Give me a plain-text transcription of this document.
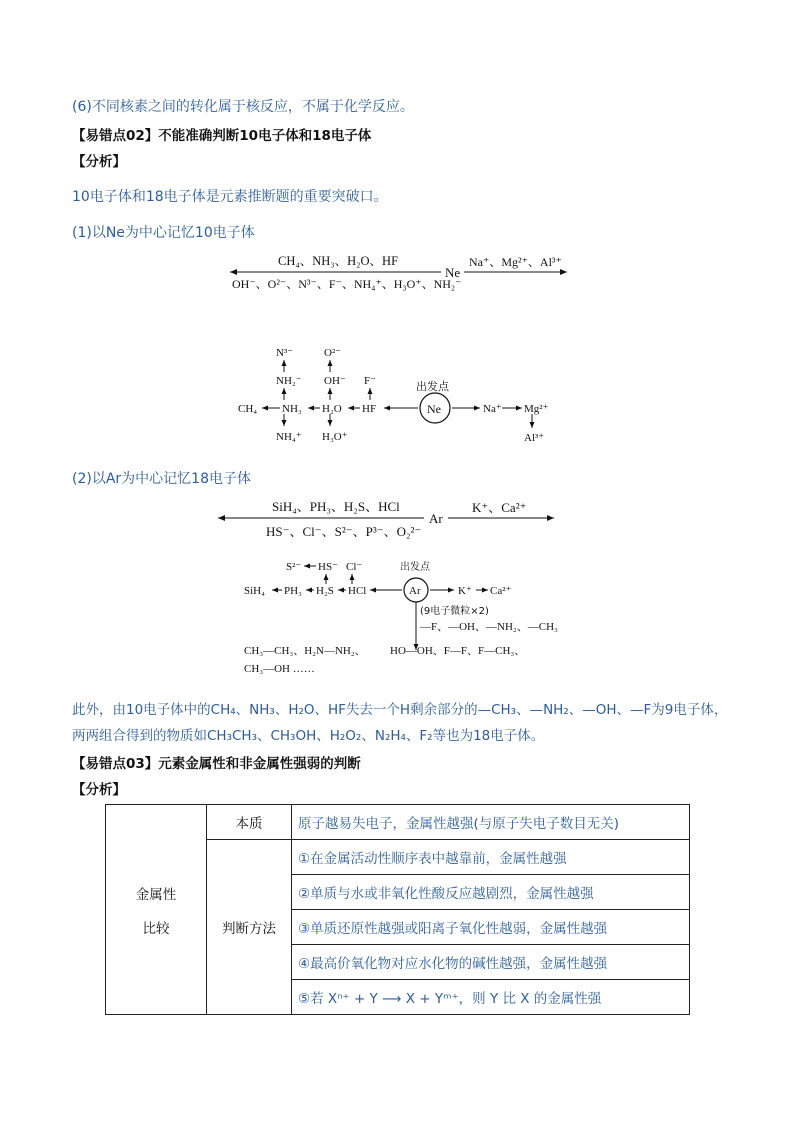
(6)不同核素之间的转化属于核反应，不属于化学反应。
【易错点02】不能准确判断10电子体和18电子体
【分析】
10电子体和18电子体是元素推断题的重要突破口。
(1)以Ne为中心记忆10电子体
CH₄、NH₃、H₂O、HF
OH⁻、O²⁻、N³⁻、F⁻、NH₄⁺、H₃O⁺、NH₂⁻
Ne
Na⁺、Mg²⁺、Al³⁺
N³⁻
NH₂⁻
CH₄ NH₃
NH₄⁺
O²⁻
OH⁻
H₂O
H₃O⁺
F⁻
HF
出发点
Ne	Na⁺ Mg²⁺
Al³⁺
(2)以Ar为中心记忆18电子体
SiH₄、PH₃、H₂S、HCl
HS⁻、Cl⁻、S²⁻、P³⁻、O₂²⁻
Ar
K⁺、Ca²⁺
S²⁻ HS⁻ Cl⁻
SiH₄ PH₃ H₂S HCl
出发点
Ar	K⁺ Ca²⁺
(9电子微粒×2)
—F、—OH、—NH₂、—CH₃
CH₃—CH₃、H₂N—NH₂、 HO—OH、F—F、F—CH₃、
CH₃—OH ……
此外，由10电子体中的CH₄、NH₃、H₂O、HF失去一个H剩余部分的—CH₃、—NH₂、—OH、—F为9电子体，
两两组合得到的物质如CH₃CH₃、CH₃OH、H₂O₂、N₂H₄、F₂等也为18电子体。
【易错点03】元素金属性和非金属性强弱的判断
【分析】
金属性
比较	本质	原子越易失电子，金属性越强(与原子失电子数目无关)
	判断方法	①在金属活动性顺序表中越靠前，金属性越强
		②单质与水或非氧化性酸反应越剧烈，金属性越强
		③单质还原性越强或阳离子氧化性越弱，金属性越强
		④最高价氧化物对应水化物的碱性越强，金属性越强
		⑤若 Xⁿ⁺ + Y ⟶ X + Yᵐ⁺，则 Y 比 X 的金属性强
